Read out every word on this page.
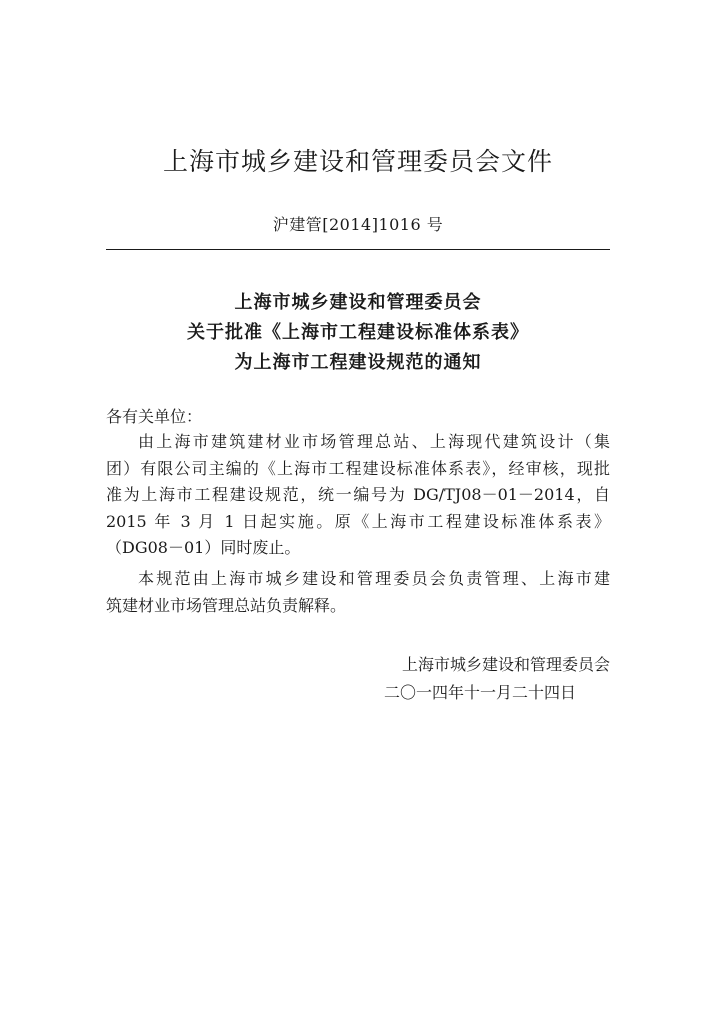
上海市城乡建设和管理委员会文件
沪建管[2014]1016 号
上海市城乡建设和管理委员会
关于批准《上海市工程建设标准体系表》
为上海市工程建设规范的通知
各有关单位：
由上海市建筑建材业市场管理总站、上海现代建筑设计（集
团）有限公司主编的《上海市工程建设标准体系表》，经审核，现批
准为上海市工程建设规范，统一编号为 DG/TJ08－01－2014，自
2015 年 3 月 1 日起实施。原《上海市工程建设标准体系表》
（DG08－01）同时废止。
本规范由上海市城乡建设和管理委员会负责管理、上海市建
筑建材业市场管理总站负责解释。
上海市城乡建设和管理委员会
二〇一四年十一月二十四日
